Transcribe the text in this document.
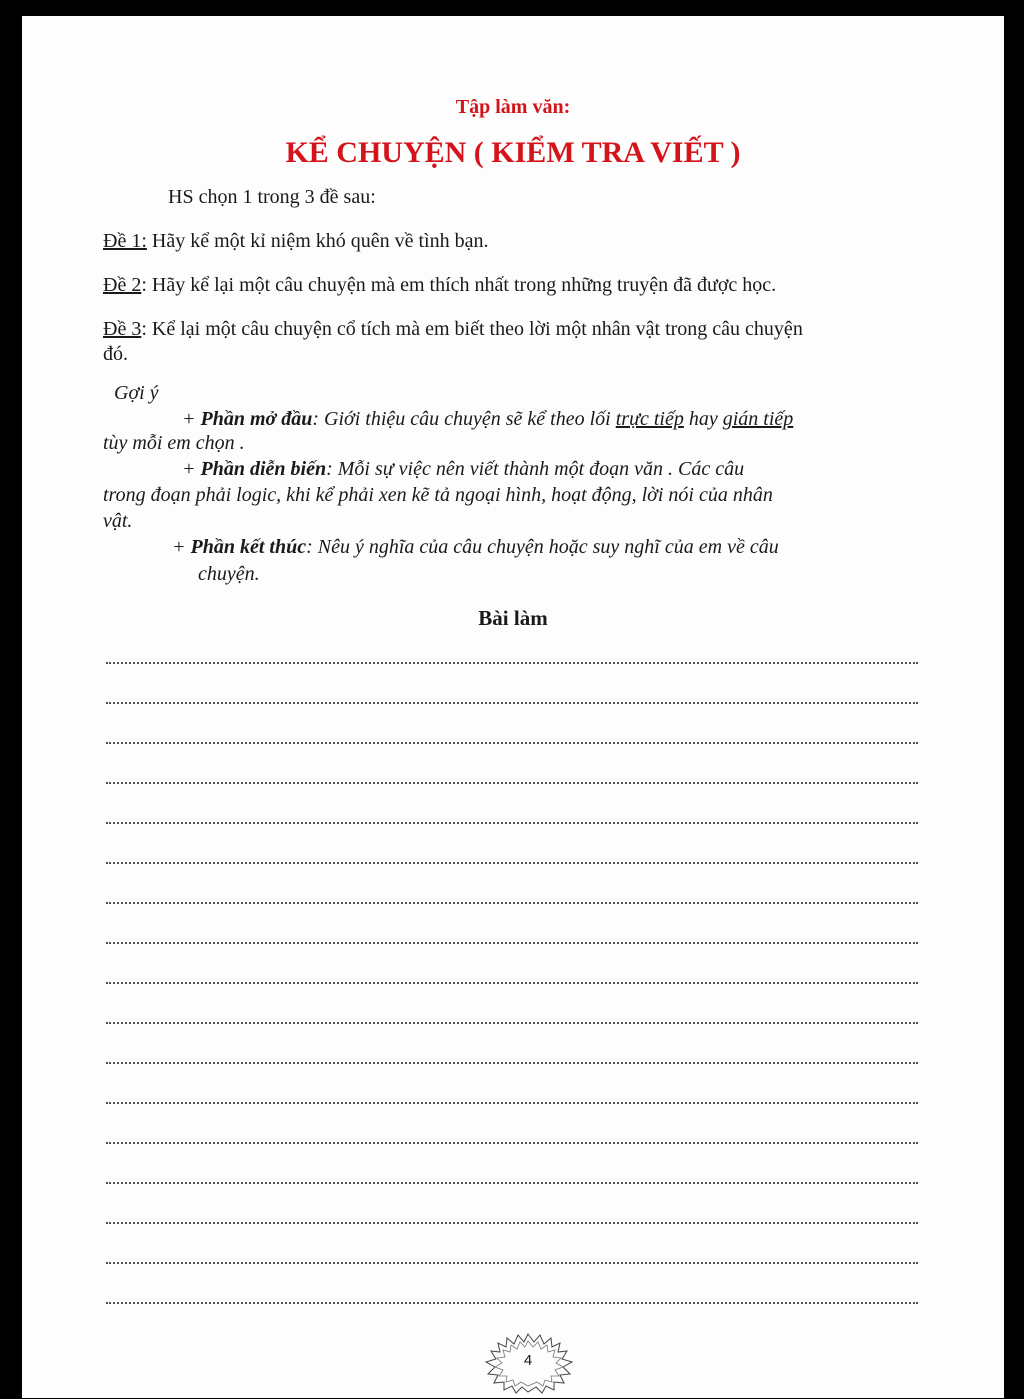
Tập làm văn:
KỂ CHUYỆN ( KIỂM TRA VIẾT )
HS chọn 1 trong 3 đề sau:
Đề 1: Hãy kể một kỉ niệm khó quên về tình bạn.
Đề 2: Hãy kể lại một câu chuyện mà em thích nhất trong những truyện đã được học.
Đề 3: Kể lại một câu chuyện cổ tích mà em biết theo lời một nhân vật trong câu chuyện
đó.
Gợi ý
+ Phần mở đầu: Giới thiệu câu chuyện sẽ kể theo lối trực tiếp hay gián tiếp
tùy mỗi em chọn .
+ Phần diễn biến: Mỗi sự việc nên viết thành một đoạn văn . Các câu
trong đoạn phải logic, khi kể phải xen kẽ tả ngoại hình, hoạt động, lời nói của nhân
vật.
+ Phần kết thúc: Nêu ý nghĩa của câu chuyện hoặc suy nghĩ của em về câu
chuyện.
Bài làm
4
